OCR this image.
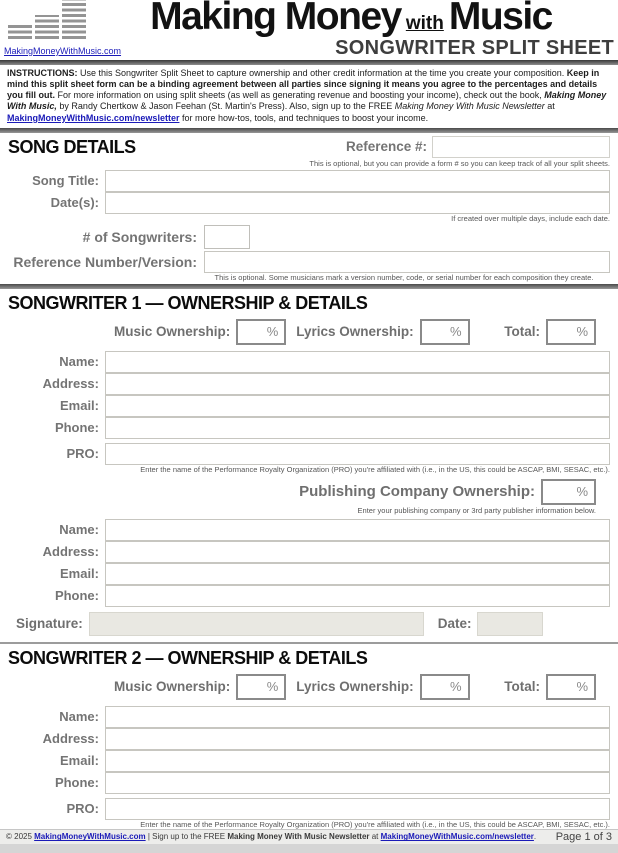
Making Money with Music
MakingMoneyWithMusic.com	SONGWRITER SPLIT SHEET
INSTRUCTIONS: Use this Songwriter Split Sheet to capture ownership and other credit information at the time you create your composition. Keep in mind this split sheet form can be a binding agreement between all parties since signing it means you agree to the percentages and details you fill out. For more information on using split sheets (as well as generating revenue and boosting your income), check out the book, Making Money With Music, by Randy Chertkow & Jason Feehan (St. Martin's Press). Also, sign up to the FREE Making Money With Music Newsletter at MakingMoneyWithMusic.com/newsletter for more how-tos, tools, and techniques to boost your income.
SONG DETAILS	Reference #:
This is optional, but you can provide a form # so you can keep track of all your split sheets.
Song Title:
Date(s):
If created over multiple days, include each date.
# of Songwriters:
Reference Number/Version:
This is optional. Some musicians mark a version number, code, or serial number for each composition they create.
SONGWRITER 1 — OWNERSHIP & DETAILS
Music Ownership:	% Lyrics Ownership:	%	Total:	%
Name:
Address:
Email:
Phone:
PRO:
Enter the name of the Performance Royalty Organization (PRO) you're affiliated with (i.e., in the US, this could be ASCAP, BMI, SESAC, etc.).
Publishing Company Ownership:	%
Enter your publishing company or 3rd party publisher information below.
Name:
Address:
Email:
Phone:
Signature:	Date:
SONGWRITER 2 — OWNERSHIP & DETAILS
Music Ownership:	% Lyrics Ownership:	%	Total:	%
Name:
Address:
Email:
Phone:
PRO:
Enter the name of the Performance Royalty Organization (PRO) you're affiliated with (i.e., in the US, this could be ASCAP, BMI, SESAC, etc.).
© 2025 MakingMoneyWithMusic.com | Sign up to the FREE Making Money With Music Newsletter at MakingMoneyWithMusic.com/newsletter. Page 1 of 3
